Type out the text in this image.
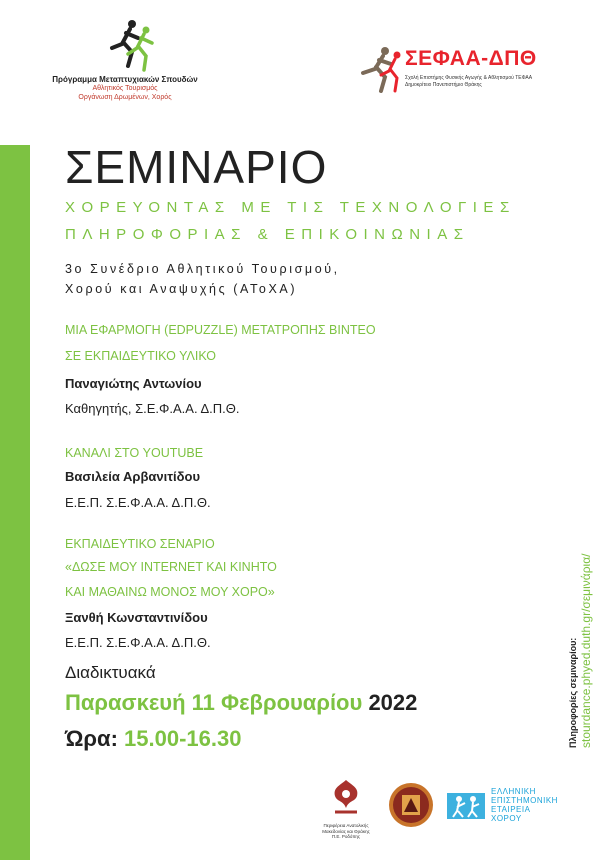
Πρόγραμμα Μεταπτυχιακών Σπουδών
Αθλητικός Τουρισμός
Οργάνωση Δρωμένων, Χορός
ΣΕΦΑΑ-ΔΠΘ
Σχολή Επιστήμης Φυσικής Αγωγής & Αθλητισμού ΤΕΦΑΑ
Δημοκρίτειο Πανεπιστήμιο Θράκης
ΣΕΜΙΝΑΡΙΟ
ΧΟΡΕΥΟΝΤΑΣ ΜΕ ΤΙΣ ΤΕΧΝΟΛΟΓΙΕΣ
ΠΛΗΡΟΦΟΡΙΑΣ & ΕΠΙΚΟΙΝΩΝΙΑΣ
3ο Συνέδριο Αθλητικού Τουρισμού,
Χορού και Αναψυχής (ΑΤοΧΑ)
ΜΙΑ ΕΦΑΡΜΟΓΗ (EDPUZZLE) ΜΕΤΑΤΡΟΠΗΣ ΒΙΝΤΕΟ
ΣΕ ΕΚΠΑΙΔΕΥΤΙΚΟ ΥΛΙΚΟ
Παναγιώτης Αντωνίου
Καθηγητής, Σ.Ε.Φ.Α.Α. Δ.Π.Θ.
ΚΑΝΑΛΙ ΣΤΟ YOUTUBE
Βασιλεία Αρβανιτίδου
Ε.Ε.Π. Σ.Ε.Φ.Α.Α. Δ.Π.Θ.
ΕΚΠΑΙΔΕΥΤΙΚΟ ΣΕΝΑΡΙΟ
«ΔΩΣΕ ΜΟΥ INTERNET ΚΑΙ ΚΙΝΗΤΟ
ΚΑΙ ΜΑΘΑΙΝΩ ΜΟΝΟΣ ΜΟΥ ΧΟΡΟ»
Ξανθή Κωνσταντινίδου
Ε.Ε.Π. Σ.Ε.Φ.Α.Α. Δ.Π.Θ.
Διαδικτυακά
Παρασκευή 11 Φεβρουαρίου 2022
Ώρα: 15.00-16.30	Πληροφορίες σεμιναρίου: stourdance.phyed.duth.gr/σεμινάρια/
Περιφέρεια Ανατολικής
Μακεδονίας και Θράκης
Π.Ε. Ροδόπης
ΕΛΛΗΝΙΚΗ
ΕΠΙΣΤΗΜΟΝΙΚΗ
ΕΤΑΙΡΕΙΑ
ΧΟΡΟΥ
